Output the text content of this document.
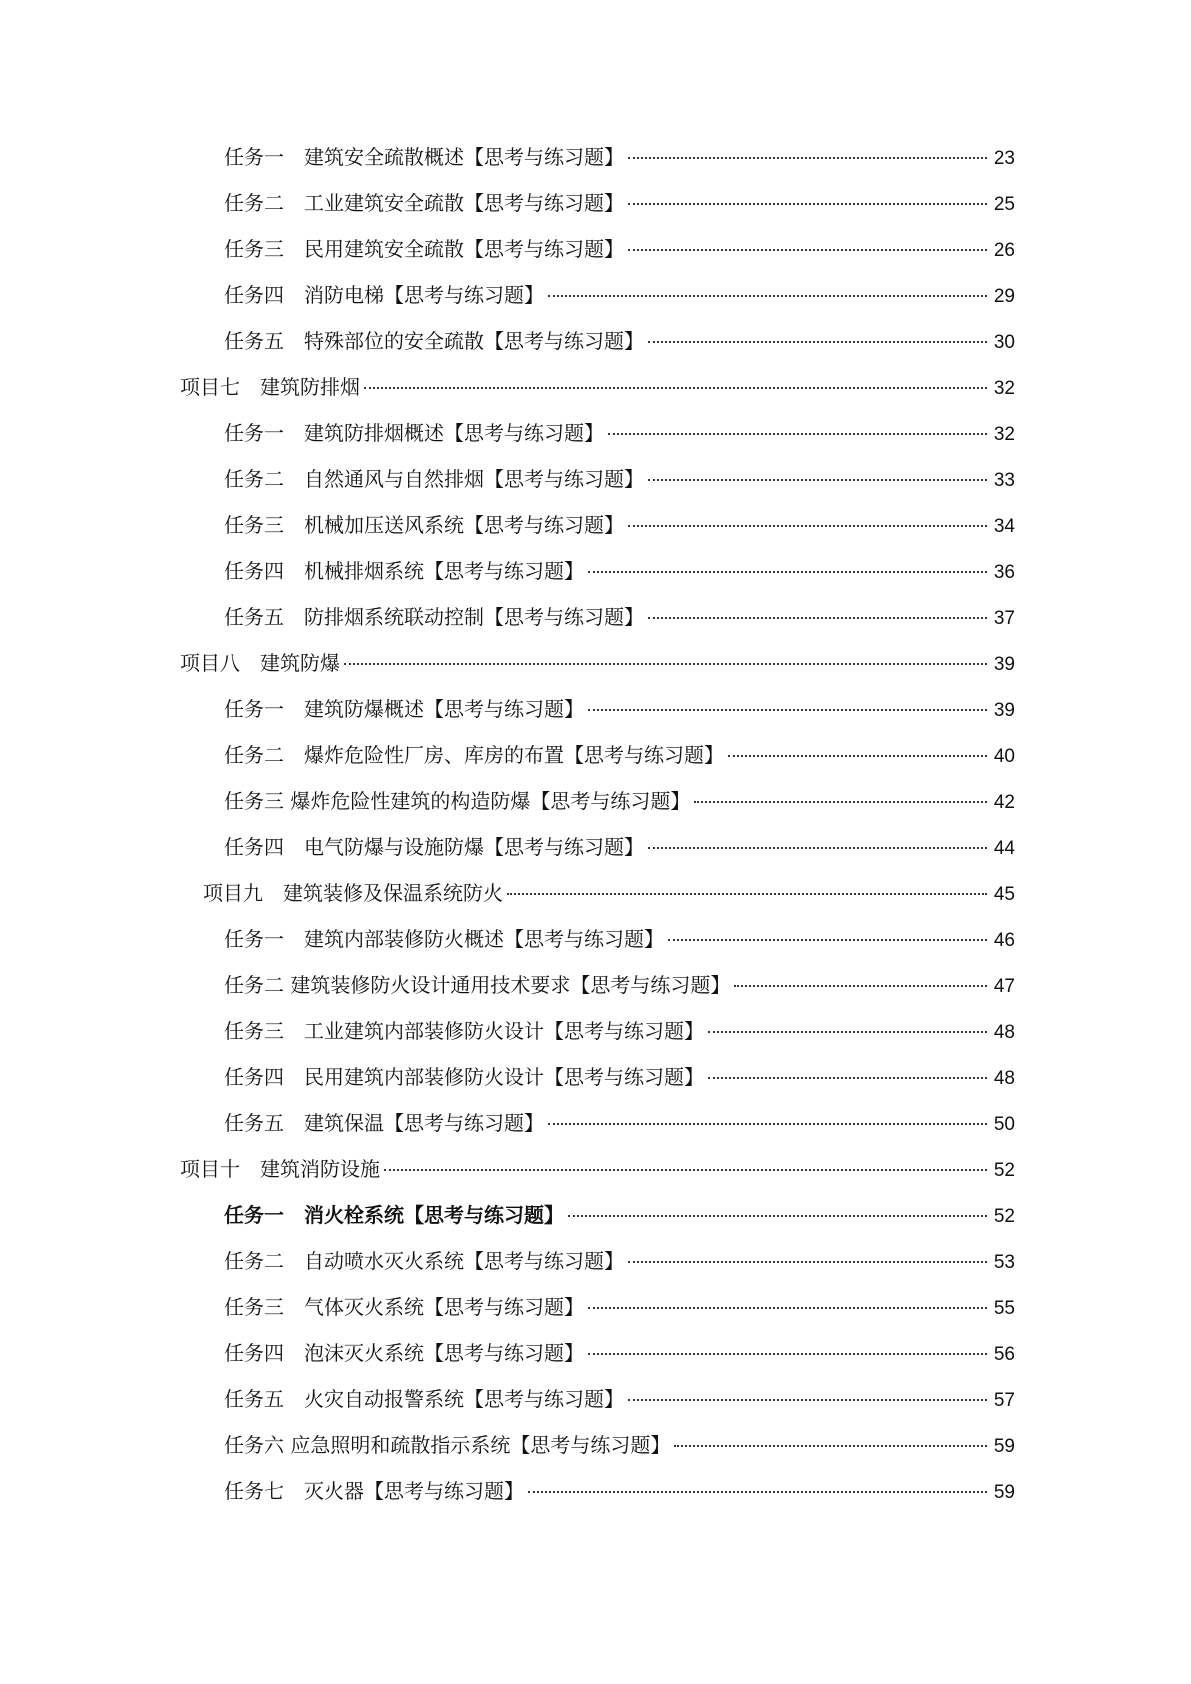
任务一　建筑安全疏散概述【思考与练习题】	23
任务二　工业建筑安全疏散【思考与练习题】	25
任务三　民用建筑安全疏散【思考与练习题】	26
任务四　消防电梯【思考与练习题】	29
任务五　特殊部位的安全疏散【思考与练习题】	30
项目七　建筑防排烟	32
任务一　建筑防排烟概述【思考与练习题】	32
任务二　自然通风与自然排烟【思考与练习题】	33
任务三　机械加压送风系统【思考与练习题】	34
任务四　机械排烟系统【思考与练习题】	36
任务五　防排烟系统联动控制【思考与练习题】	37
项目八　建筑防爆	39
任务一　建筑防爆概述【思考与练习题】	39
任务二　爆炸危险性厂房、库房的布置【思考与练习题】	40
任务三 爆炸危险性建筑的构造防爆【思考与练习题】	42
任务四　电气防爆与设施防爆【思考与练习题】	44
项目九　建筑装修及保温系统防火	45
任务一　建筑内部装修防火概述【思考与练习题】	46
任务二 建筑装修防火设计通用技术要求【思考与练习题】	47
任务三　工业建筑内部装修防火设计【思考与练习题】	48
任务四　民用建筑内部装修防火设计【思考与练习题】	48
任务五　建筑保温【思考与练习题】	50
项目十　建筑消防设施	52
任务一　消火栓系统【思考与练习题】	52
任务二　自动喷水灭火系统【思考与练习题】	53
任务三　气体灭火系统【思考与练习题】	55
任务四　泡沫灭火系统【思考与练习题】	56
任务五　火灾自动报警系统【思考与练习题】	57
任务六 应急照明和疏散指示系统【思考与练习题】	59
任务七　灭火器【思考与练习题】	59
